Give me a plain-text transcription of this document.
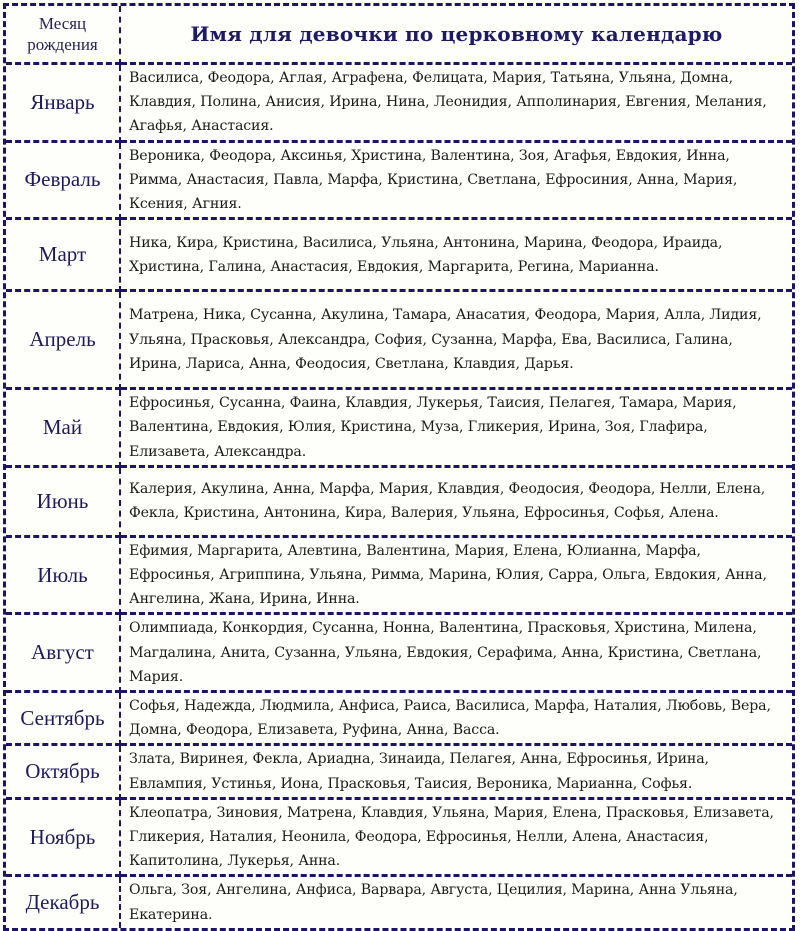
Месяц рождения	Имя для девочки по церковному календарю

Январь	Василиса, Феодора, Аглая, Аграфена, Фелицата, Мария, Татьяна, Ульяна, Домна, Клавдия, Полина, Анисия, Ирина, Нина, Леонидия, Апполинария, Евгения, Мелания, Агафья, Анастасия.

Февраль	Вероника, Феодора, Аксинья, Христина, Валентина, Зоя, Агафья, Евдокия, Инна, Римма, Анастасия, Павла, Марфа, Кристина, Светлана, Ефросиния, Анна, Мария, Ксения, Агния.

Март	Ника, Кира, Кристина, Василиса, Ульяна, Антонина, Марина, Феодора, Ираида, Христина, Галина, Анастасия, Евдокия, Маргарита, Регина, Марианна.

Апрель	Матрена, Ника, Сусанна, Акулина, Тамара, Анасатия, Феодора, Мария, Алла, Лидия, Ульяна, Прасковья, Александра, София, Сузанна, Марфа, Ева, Василиса, Галина, Ирина, Лариса, Анна, Феодосия, Светлана, Клавдия, Дарья.

Май	Ефросинья, Сусанна, Фаина, Клавдия, Лукерья, Таисия, Пелагея, Тамара, Мария, Валентина, Евдокия, Юлия, Кристина, Муза, Гликерия, Ирина, Зоя, Глафира, Елизавета, Александра.

Июнь	Калерия, Акулина, Анна, Марфа, Мария, Клавдия, Феодосия, Феодора, Нелли, Елена, Фекла, Кристина, Антонина, Кира, Валерия, Ульяна, Ефросинья, Софья, Алена.

Июль	Ефимия, Маргарита, Алевтина, Валентина, Мария, Елена, Юлианна, Марфа, Ефросинья, Агриппина, Ульяна, Римма, Марина, Юлия, Сарра, Ольга, Евдокия, Анна, Ангелина, Жана, Ирина, Инна.

Август	Олимпиада, Конкордия, Сусанна, Нонна, Валентина, Прасковья, Христина, Милена, Магдалина, Анита, Сузанна, Ульяна, Евдокия, Серафима, Анна, Кристина, Светлана, Мария.

Сентябрь	Софья, Надежда, Людмила, Анфиса, Раиса, Василиса, Марфа, Наталия, Любовь, Вера, Домна, Феодора, Елизавета, Руфина, Анна, Васса.

Октябрь	Злата, Виринея, Фекла, Ариадна, Зинаида, Пелагея, Анна, Ефросинья, Ирина, Евлампия, Устинья, Иона, Прасковья, Таисия, Вероника, Марианна, Софья.

Ноябрь	Клеопатра, Зиновия, Матрена, Клавдия, Ульяна, Мария, Елена, Прасковья, Елизавета, Гликерия, Наталия, Неонила, Феодора, Ефросинья, Нелли, Алена, Анастасия, Капитолина, Лукерья, Анна.

Декабрь	Ольга, Зоя, Ангелина, Анфиса, Варвара, Августа, Цецилия, Марина, Анна Ульяна, Екатерина.
